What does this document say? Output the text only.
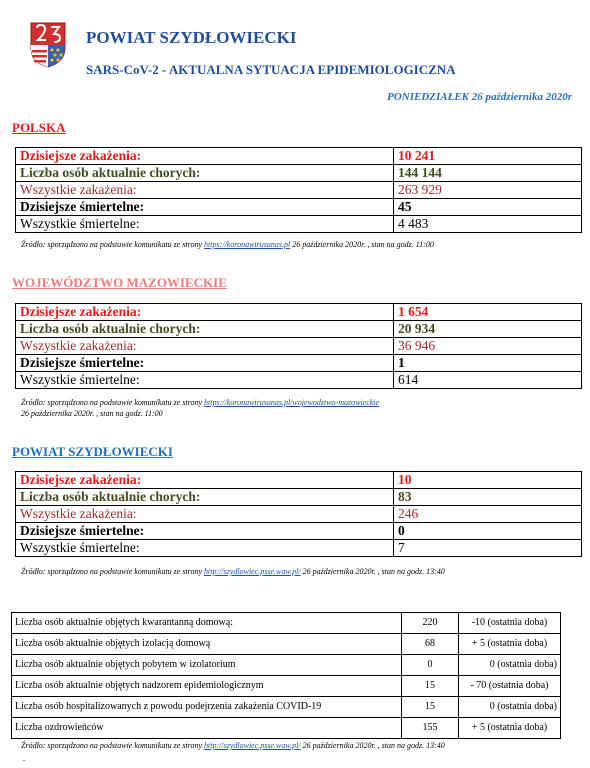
POWIAT SZYDŁOWIECKI
SARS-CoV-2 - AKTUALNA SYTUACJA EPIDEMIOLOGICZNA
PONIEDZIAŁEK 26 października 2020r
POLSKA
Dzisiejsze zakażenia:	10 241
Liczba osób aktualnie chorych:	144 144
Wszystkie zakażenia:	263 929
Dzisiejsze śmiertelne:	45
Wszystkie śmiertelne:	4 483
Źródło: sporządzono na podstawie komunikatu ze strony https://koronawirusunas.pl 26 października 2020r. , stan na godz. 11:00
WOJEWÓDZTWO MAZOWIECKIE
Dzisiejsze zakażenia:	1 654
Liczba osób aktualnie chorych:	20 934
Wszystkie zakażenia:	36 946
Dzisiejsze śmiertelne:	1
Wszystkie śmiertelne:	614
Źródło: sporządzono na podstawie komunikatu ze strony https://koronawirusunas.pl/wojewodztwo-mazowieckie
26 października 2020r. , stan na godz. 11:00
POWIAT SZYDŁOWIECKI
Dzisiejsze zakażenia:	10
Liczba osób aktualnie chorych:	83
Wszystkie zakażenia:	246
Dzisiejsze śmiertelne:	0
Wszystkie śmiertelne:	7
Źródło: sporządzono na podstawie komunikatu ze strony http://szydlowiec.psse.waw.pl/ 26 października 2020r. , stan na godz. 13:40
Liczba osób aktualnie objętych kwarantanną domową:	220	-10 (ostatnia doba)
Liczba osób aktualnie objętych izolacją domową	68	+ 5 (ostatnia doba)
Liczba osób aktualnie objętych pobytem w izolatorium	0	0 (ostatnia doba)
Liczba osób aktualnie objętych nadzorem epidemiologicznym	15	- 70 (ostatnia doba)
Liczba osób hospitalizowanych z powodu podejrzenia zakażenia COVID-19	15	0 (ostatnia doba)
Liczba ozdrowieńców	155	+ 5 (ostatnia doba)
Źródło: sporządzono na podstawie komunikatu ze strony http://szydlowiec.psse.waw.pl/ 26 października 2020r. , stan na godz. 13:40
